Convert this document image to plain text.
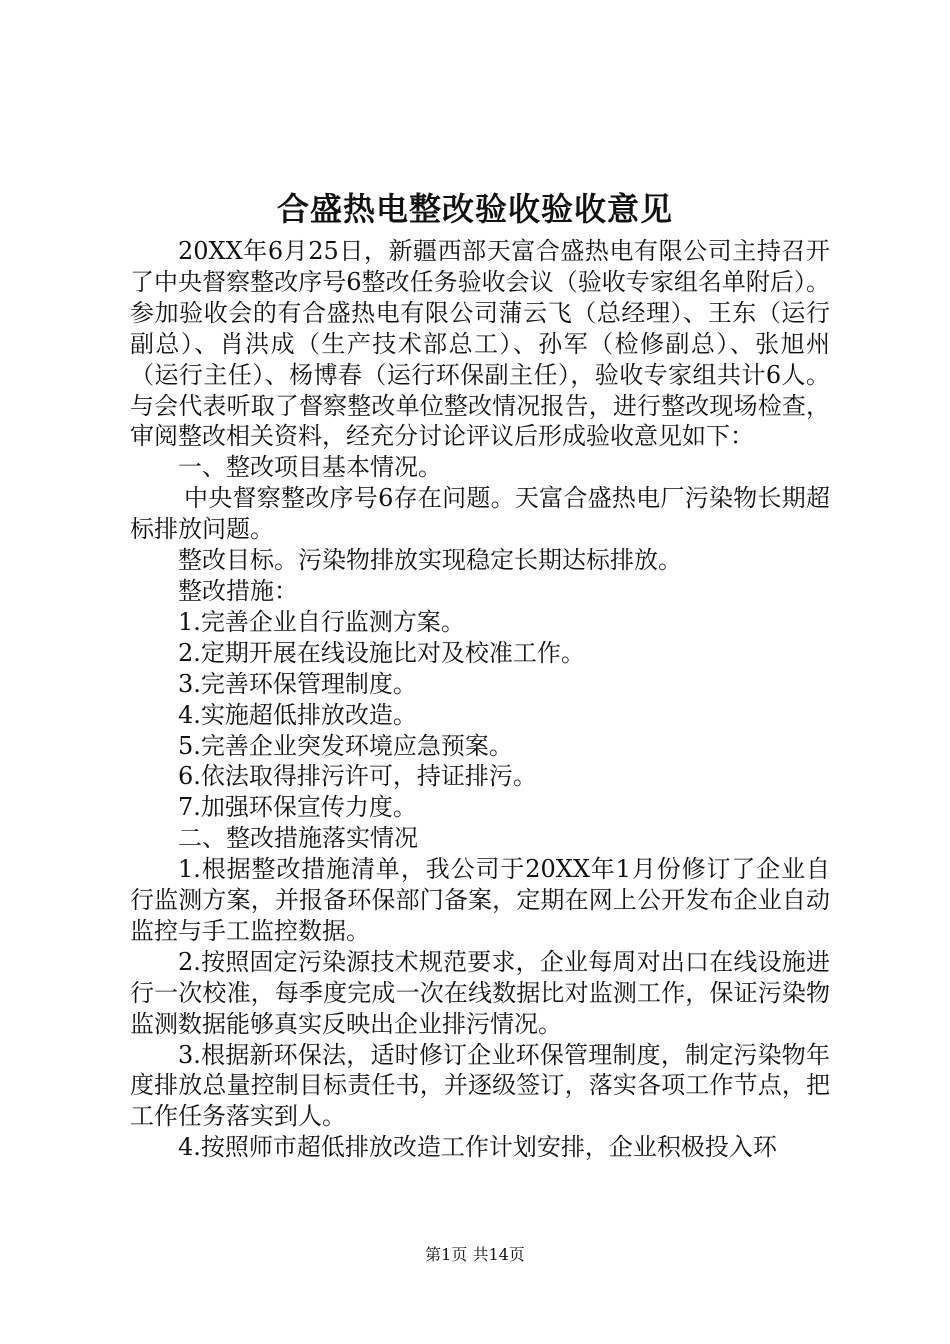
合盛热电整改验收验收意见

20XX年6月25日，新疆西部天富合盛热电有限公司主持召开了中央督察整改序号6整改任务验收会议（验收专家组名单附后）。参加验收会的有合盛热电有限公司蒲云飞（总经理）、王东（运行副总）、肖洪成（生产技术部总工）、孙军（检修副总）、张旭州（运行主任）、杨博春（运行环保副主任），验收专家组共计6人。与会代表听取了督察整改单位整改情况报告，进行整改现场检查，审阅整改相关资料，经充分讨论评议后形成验收意见如下：

一、整改项目基本情况。

中央督察整改序号6存在问题。天富合盛热电厂污染物长期超标排放问题。

整改目标。污染物排放实现稳定长期达标排放。

整改措施：

1.完善企业自行监测方案。

2.定期开展在线设施比对及校准工作。

3.完善环保管理制度。

4.实施超低排放改造。

5.完善企业突发环境应急预案。

6.依法取得排污许可，持证排污。

7.加强环保宣传力度。

二、整改措施落实情况

1.根据整改措施清单，我公司于20XX年1月份修订了企业自行监测方案，并报备环保部门备案，定期在网上公开发布企业自动监控与手工监控数据。

2.按照固定污染源技术规范要求，企业每周对出口在线设施进行一次校准，每季度完成一次在线数据比对监测工作，保证污染物监测数据能够真实反映出企业排污情况。

3.根据新环保法，适时修订企业环保管理制度，制定污染物年度排放总量控制目标责任书，并逐级签订，落实各项工作节点，把工作任务落实到人。

4.按照师市超低排放改造工作计划安排，企业积极投入环

第1页 共14页
